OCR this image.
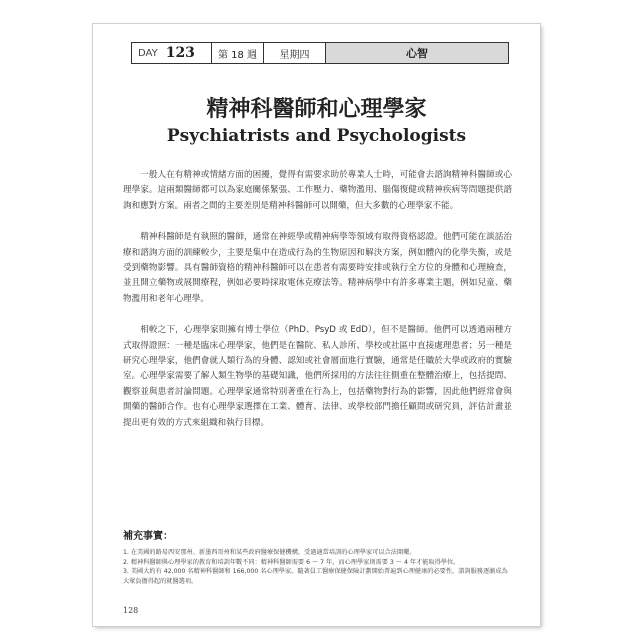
DAY 123	第 18 週	星期四	心智
精神科醫師和心理學家
Psychiatrists and Psychologists

一般人在有精神或情緒方面的困擾，覺得有需要求助於專業人士時，可能會去諮詢精神科醫師或心理學家。這兩類醫師都可以為家庭關係緊張、工作壓力、藥物濫用、腦傷復健或精神疾病等問題提供諮詢和應對方案。兩者之間的主要差別是精神科醫師可以開藥，但大多數的心理學家不能。

精神科醫師是有執照的醫師，通常在神經學或精神病學等領域有取得資格認證。他們可能在談話治療和諮詢方面的訓練較少，主要是集中在造成行為的生物原因和解決方案，例如體內的化學失衡，或是受到藥物影響。具有醫師資格的精神科醫師可以在患者有需要時安排或執行全方位的身體和心理檢查，並且開立藥物或展開療程，例如必要時採取電休克療法等。精神病學中有許多專業主題，例如兒童、藥物濫用和老年心理學。

相較之下，心理學家則擁有博士學位（PhD、PsyD 或 EdD），但不是醫師。他們可以透過兩種方式取得證照：一種是臨床心理學家，他們是在醫院、私人診所、學校或社區中直接處理患者；另一種是研究心理學家，他們會就人類行為的身體、認知或社會層面進行實驗，通常是任職於大學或政府的實驗室。心理學家需要了解人類生物學的基礎知識，他們所採用的方法往往側重在整體治療上，包括提問、觀察並與患者討論問題。心理學家通常特別著重在行為上，包括藥物對行為的影響，因此他們經常會與開藥的醫師合作。也有心理學家選擇在工業、體育、法律、或學校部門擔任顧問或研究員，評估計畫並提出更有效的方式來組織和執行目標。

補充事實：
1. 在美國的路易西安那州、新墨西哥州和某些政府醫療保健機構，受過適當培訓的心理學家可以合法開藥。
2. 精神科醫師與心理學家的教育和培訓年數不同：精神科醫師需要 6 ～ 7 年，而心理學家則需要 3 ～ 4 年才能取得學位。
3. 美國大約有 42,000 名精神科醫師和 166,000 名心理學家。隨著員工醫療保健保險計劃開始普遍到心理健康的必要性，諮詢服務逐漸成為大眾負擔得起的就醫選項。
128
